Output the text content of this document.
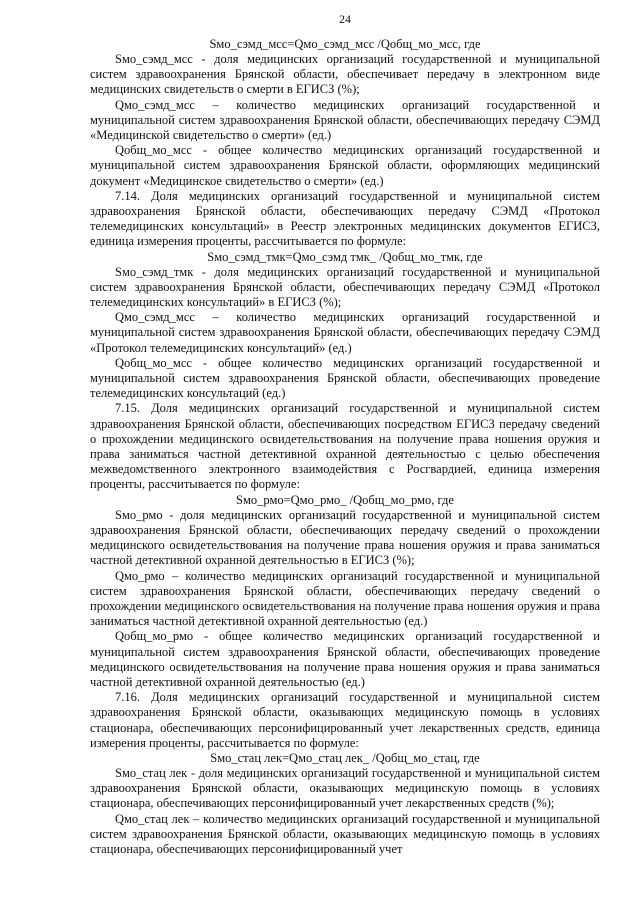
24

Sмо_сэмд_мсс=Qмо_сэмд_мсс /Qобщ_мо_мсс, где

Sмо_сэмд_мсс - доля медицинских организаций государственной и муниципальной систем здравоохранения Брянской области, обеспечивает передачу в электронном виде медицинских свидетельств о смерти в ЕГИСЗ (%);

Qмо_сэмд_мсс – количество медицинских организаций государственной и муниципальной систем здравоохранения Брянской области, обеспечивающих передачу СЭМД «Медицинской свидетельство о смерти» (ед.)

Qобщ_мо_мсс - общее количество медицинских организаций государственной и муниципальной систем здравоохранения Брянской области, оформляющих медицинский документ «Медицинское свидетельство о смерти» (ед.)

7.14. Доля медицинских организаций государственной и муниципальной систем здравоохранения Брянской области, обеспечивающих передачу СЭМД «Протокол телемедицинских консультаций» в Реестр электронных медицинских документов ЕГИСЗ, единица измерения проценты, рассчитывается по формуле:

Sмо_сэмд_тмк=Qмо_сэмд тмк_ /Qобщ_мо_тмк, где

Sмо_сэмд_тмк - доля медицинских организаций государственной и муниципальной систем здравоохранения Брянской области, обеспечивающих передачу СЭМД «Протокол телемедицинских консультаций» в ЕГИСЗ (%);

Qмо_сэмд_мсс – количество медицинских организаций государственной и муниципальной систем здравоохранения Брянской области, обеспечивающих передачу СЭМД «Протокол телемедицинских консультаций» (ед.)

Qобщ_мо_мсс - общее количество медицинских организаций государственной и муниципальной систем здравоохранения Брянской области, обеспечивающих проведение телемедицинских консультаций (ед.)

7.15. Доля медицинских организаций государственной и муниципальной систем здравоохранения Брянской области, обеспечивающих посредством ЕГИСЗ передачу сведений о прохождении медицинского освидетельствования на получение права ношения оружия и права заниматься частной детективной охранной деятельностью с целью обеспечения межведомственного электронного взаимодействия с Росгвардией, единица измерения проценты, рассчитывается по формуле:

Sмо_рмо=Qмо_рмо_ /Qобщ_мо_рмо, где

Sмо_рмо - доля медицинских организаций государственной и муниципальной систем здравоохранения Брянской области, обеспечивающих передачу сведений о прохождении медицинского освидетельствования на получение права ношения оружия и права заниматься частной детективной охранной деятельностью в ЕГИСЗ (%);

Qмо_рмо – количество медицинских организаций государственной и муниципальной систем здравоохранения Брянской области, обеспечивающих передачу сведений о прохождении медицинского освидетельствования на получение права ношения оружия и права заниматься частной детективной охранной деятельностью (ед.)

Qобщ_мо_рмо - общее количество медицинских организаций государственной и муниципальной систем здравоохранения Брянской области, обеспечивающих проведение медицинского освидетельствования на получение права ношения оружия и права заниматься частной детективной охранной деятельностью (ед.)

7.16. Доля медицинских организаций государственной и муниципальной систем здравоохранения Брянской области, оказывающих медицинскую помощь в условиях стационара, обеспечивающих персонифицированный учет лекарственных средств, единица измерения проценты, рассчитывается по формуле:

Sмо_стац лек=Qмо_стац лек_ /Qобщ_мо_стац, где

Sмо_стац лек - доля медицинских организаций государственной и муниципальной систем здравоохранения Брянской области, оказывающих медицинскую помощь в условиях стационара, обеспечивающих персонифицированный учет лекарственных средств (%);

Qмо_стац лек – количество медицинских организаций государственной и муниципальной систем здравоохранения Брянской области, оказывающих медицинскую помощь в условиях стационара, обеспечивающих персонифицированный учет
